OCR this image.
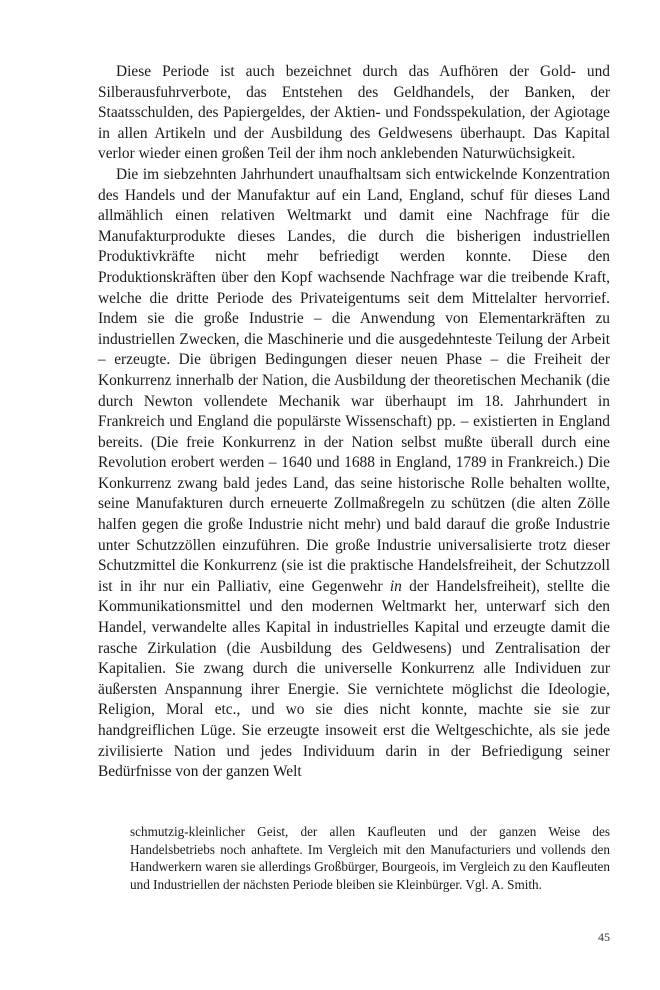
Diese Periode ist auch bezeichnet durch das Aufhören der Gold- und Silberausfuhrverbote, das Entstehen des Geldhandels, der Banken, der Staatsschulden, des Papiergeldes, der Aktien- und Fondsspekulation, der Agiotage in allen Artikeln und der Ausbildung des Geldwesens überhaupt. Das Kapital verlor wieder einen großen Teil der ihm noch anklebenden Naturwüchsigkeit.

Die im siebzehnten Jahrhundert unaufhaltsam sich entwickelnde Konzentration des Handels und der Manufaktur auf ein Land, England, schuf für dieses Land allmählich einen relativen Weltmarkt und damit eine Nachfrage für die Manufakturprodukte dieses Landes, die durch die bisherigen industriellen Produktivkräfte nicht mehr befriedigt werden konnte. Diese den Produktionskräften über den Kopf wachsende Nachfrage war die treibende Kraft, welche die dritte Periode des Privateigentums seit dem Mittelalter hervorrief. Indem sie die große Industrie – die Anwendung von Elementarkräften zu industriellen Zwecken, die Maschinerie und die ausgedehnteste Teilung der Arbeit – erzeugte. Die übrigen Bedingungen dieser neuen Phase – die Freiheit der Konkurrenz innerhalb der Nation, die Ausbildung der theoretischen Mechanik (die durch Newton vollendete Mechanik war überhaupt im 18. Jahrhundert in Frankreich und England die populärste Wissenschaft) pp. – existierten in England bereits. (Die freie Konkurrenz in der Nation selbst mußte überall durch eine Revolution erobert werden – 1640 und 1688 in England, 1789 in Frankreich.) Die Konkurrenz zwang bald jedes Land, das seine historische Rolle behalten wollte, seine Manufakturen durch erneuerte Zollmaßregeln zu schützen (die alten Zölle halfen gegen die große Industrie nicht mehr) und bald darauf die große Industrie unter Schutzzöllen einzuführen. Die große Industrie universalisierte trotz dieser Schutzmittel die Konkurrenz (sie ist die praktische Handelsfreiheit, der Schutzzoll ist in ihr nur ein Palliativ, eine Gegenwehr in der Handelsfreiheit), stellte die Kommunikationsmittel und den modernen Weltmarkt her, unterwarf sich den Handel, verwandelte alles Kapital in industrielles Kapital und erzeugte damit die rasche Zirkulation (die Ausbildung des Geldwesens) und Zentralisation der Kapitalien. Sie zwang durch die universelle Konkurrenz alle Individuen zur äußersten Anspannung ihrer Energie. Sie vernichtete möglichst die Ideologie, Religion, Moral etc., und wo sie dies nicht konnte, machte sie sie zur handgreiflichen Lüge. Sie erzeugte insoweit erst die Weltgeschichte, als sie jede zivilisierte Nation und jedes Individuum darin in der Befriedigung seiner Bedürfnisse von der ganzen Welt

schmutzig-kleinlicher Geist, der allen Kaufleuten und der ganzen Weise des Handelsbetriebs noch anhaftete. Im Vergleich mit den Manufacturiers und vollends den Handwerkern waren sie allerdings Großbürger, Bourgeois, im Vergleich zu den Kaufleuten und Industriellen der nächsten Periode bleiben sie Kleinbürger. Vgl. A. Smith.

45
